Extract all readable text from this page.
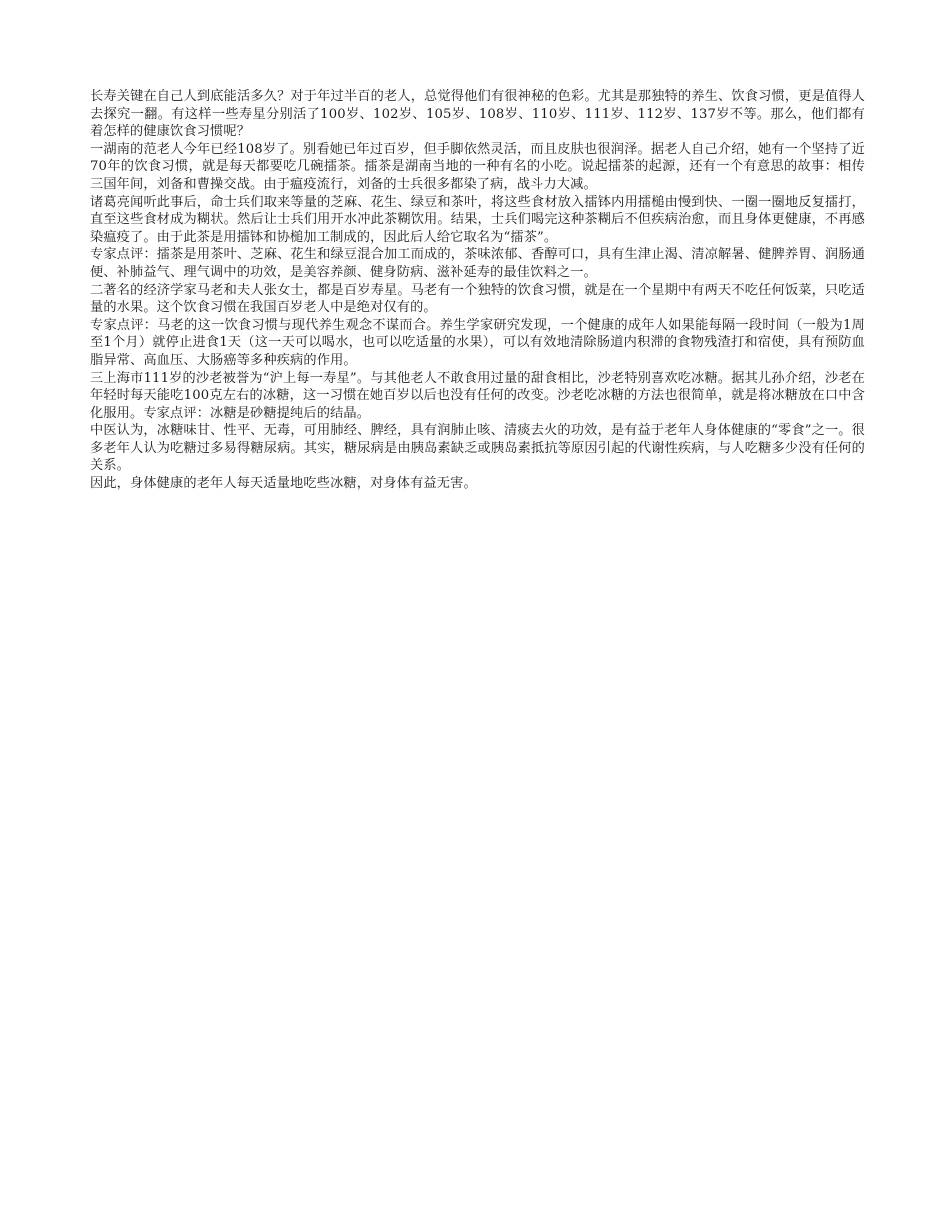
长寿关键在自己人到底能活多久？对于年过半百的老人，总觉得他们有很神秘的色彩。尤其是那独特的养生、饮食习惯，更是值得人去探究一翻。有这样一些寿星分别活了100岁、102岁、105岁、108岁、110岁、111岁、112岁、137岁不等。那么，他们都有着怎样的健康饮食习惯呢？

一湖南的范老人今年已经108岁了。别看她已年过百岁，但手脚依然灵活，而且皮肤也很润泽。据老人自己介绍，她有一个坚持了近70年的饮食习惯，就是每天都要吃几碗擂茶。擂茶是湖南当地的一种有名的小吃。说起擂茶的起源，还有一个有意思的故事：相传三国年间，刘备和曹操交战。由于瘟疫流行，刘备的士兵很多都染了病，战斗力大减。

诸葛亮闻听此事后，命士兵们取来等量的芝麻、花生、绿豆和茶叶，将这些食材放入擂钵内用擂槌由慢到快、一圈一圈地反复擂打，直至这些食材成为糊状。然后让士兵们用开水冲此茶糊饮用。结果，士兵们喝完这种茶糊后不但疾病治愈，而且身体更健康，不再感染瘟疫了。由于此茶是用擂钵和协槌加工制成的，因此后人给它取名为“擂茶”。

专家点评：擂茶是用茶叶、芝麻、花生和绿豆混合加工而成的，茶味浓郁、香醇可口，具有生津止渴、清凉解暑、健脾养胃、润肠通便、补肺益气、理气调中的功效，是美容养颜、健身防病、滋补延寿的最佳饮料之一。

二著名的经济学家马老和夫人张女士，都是百岁寿星。马老有一个独特的饮食习惯，就是在一个星期中有两天不吃任何饭菜，只吃适量的水果。这个饮食习惯在我国百岁老人中是绝对仅有的。

专家点评：马老的这一饮食习惯与现代养生观念不谋而合。养生学家研究发现，一个健康的成年人如果能每隔一段时间（一般为1周至1个月）就停止进食1天（这一天可以喝水，也可以吃适量的水果），可以有效地清除肠道内积滞的食物残渣打和宿使，具有预防血脂异常、高血压、大肠癌等多种疾病的作用。

三上海市111岁的沙老被誉为“沪上每一寿星”。与其他老人不敢食用过量的甜食相比，沙老特别喜欢吃冰糖。据其儿孙介绍，沙老在年轻时每天能吃100克左右的冰糖，这一习惯在她百岁以后也没有任何的改变。沙老吃冰糖的方法也很简单，就是将冰糖放在口中含化服用。专家点评：冰糖是砂糖提纯后的结晶。

中医认为，冰糖味甘、性平、无毒，可用肺经、脾经，具有润肺止咳、清痰去火的功效，是有益于老年人身体健康的“零食”之一。很多老年人认为吃糖过多易得糖尿病。其实，糖尿病是由胰岛素缺乏或胰岛素抵抗等原因引起的代谢性疾病，与人吃糖多少没有任何的关系。

因此，身体健康的老年人每天适量地吃些冰糖，对身体有益无害。
